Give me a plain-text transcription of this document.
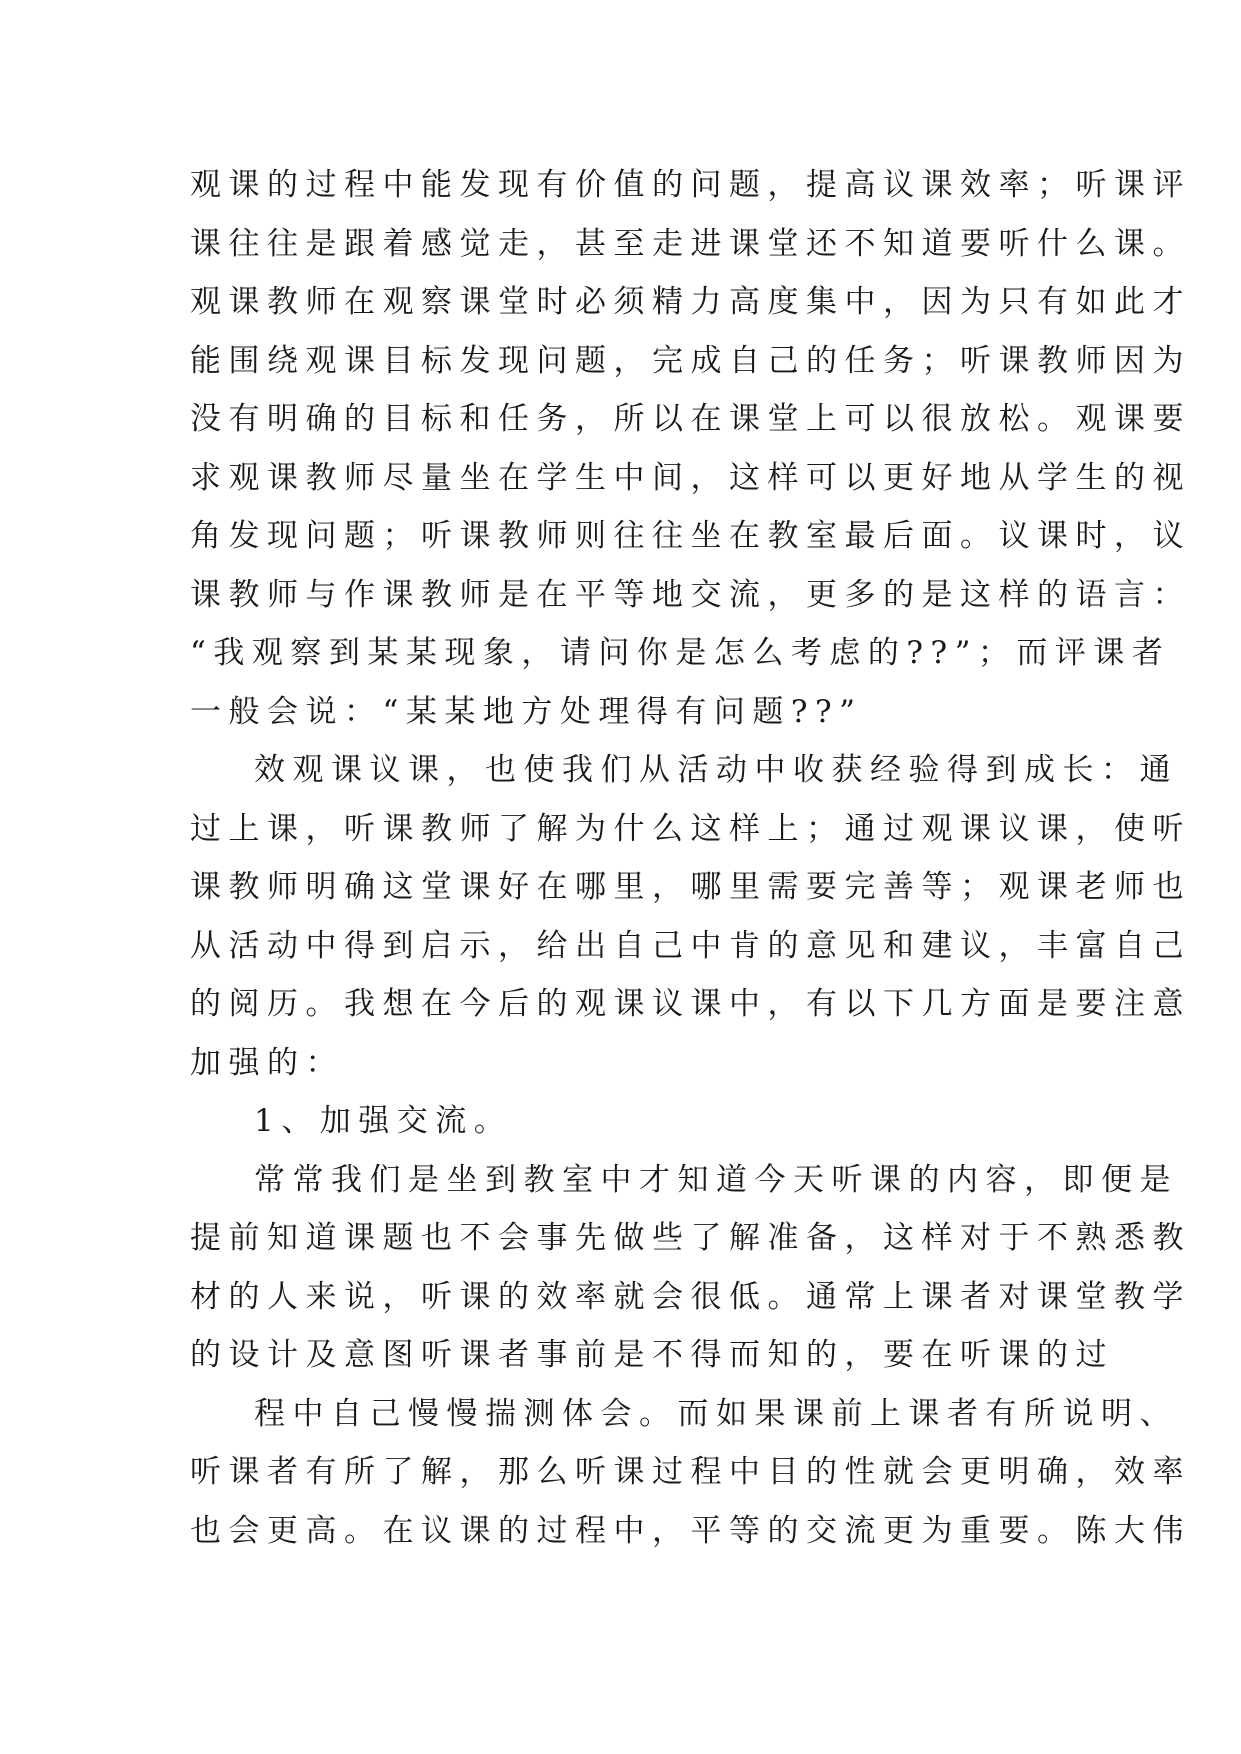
观课的过程中能发现有价值的问题，提高议课效率；听课评
课往往是跟着感觉走，甚至走进课堂还不知道要听什么课。
观课教师在观察课堂时必须精力高度集中，因为只有如此才
能围绕观课目标发现问题，完成自己的任务；听课教师因为
没有明确的目标和任务，所以在课堂上可以很放松。观课要
求观课教师尽量坐在学生中间，这样可以更好地从学生的视
角发现问题；听课教师则往往坐在教室最后面。议课时，议
课教师与作课教师是在平等地交流，更多的是这样的语言：
“我观察到某某现象，请问你是怎么考虑的??”；而评课者
一般会说：“某某地方处理得有问题??”
效观课议课，也使我们从活动中收获经验得到成长：通
过上课，听课教师了解为什么这样上；通过观课议课，使听
课教师明确这堂课好在哪里，哪里需要完善等；观课老师也
从活动中得到启示，给出自己中肯的意见和建议，丰富自己
的阅历。我想在今后的观课议课中，有以下几方面是要注意
加强的：
1、加强交流。
常常我们是坐到教室中才知道今天听课的内容，即便是
提前知道课题也不会事先做些了解准备，这样对于不熟悉教
材的人来说，听课的效率就会很低。通常上课者对课堂教学
的设计及意图听课者事前是不得而知的，要在听课的过
程中自己慢慢揣测体会。而如果课前上课者有所说明、
听课者有所了解，那么听课过程中目的性就会更明确，效率
也会更高。在议课的过程中，平等的交流更为重要。陈大伟
